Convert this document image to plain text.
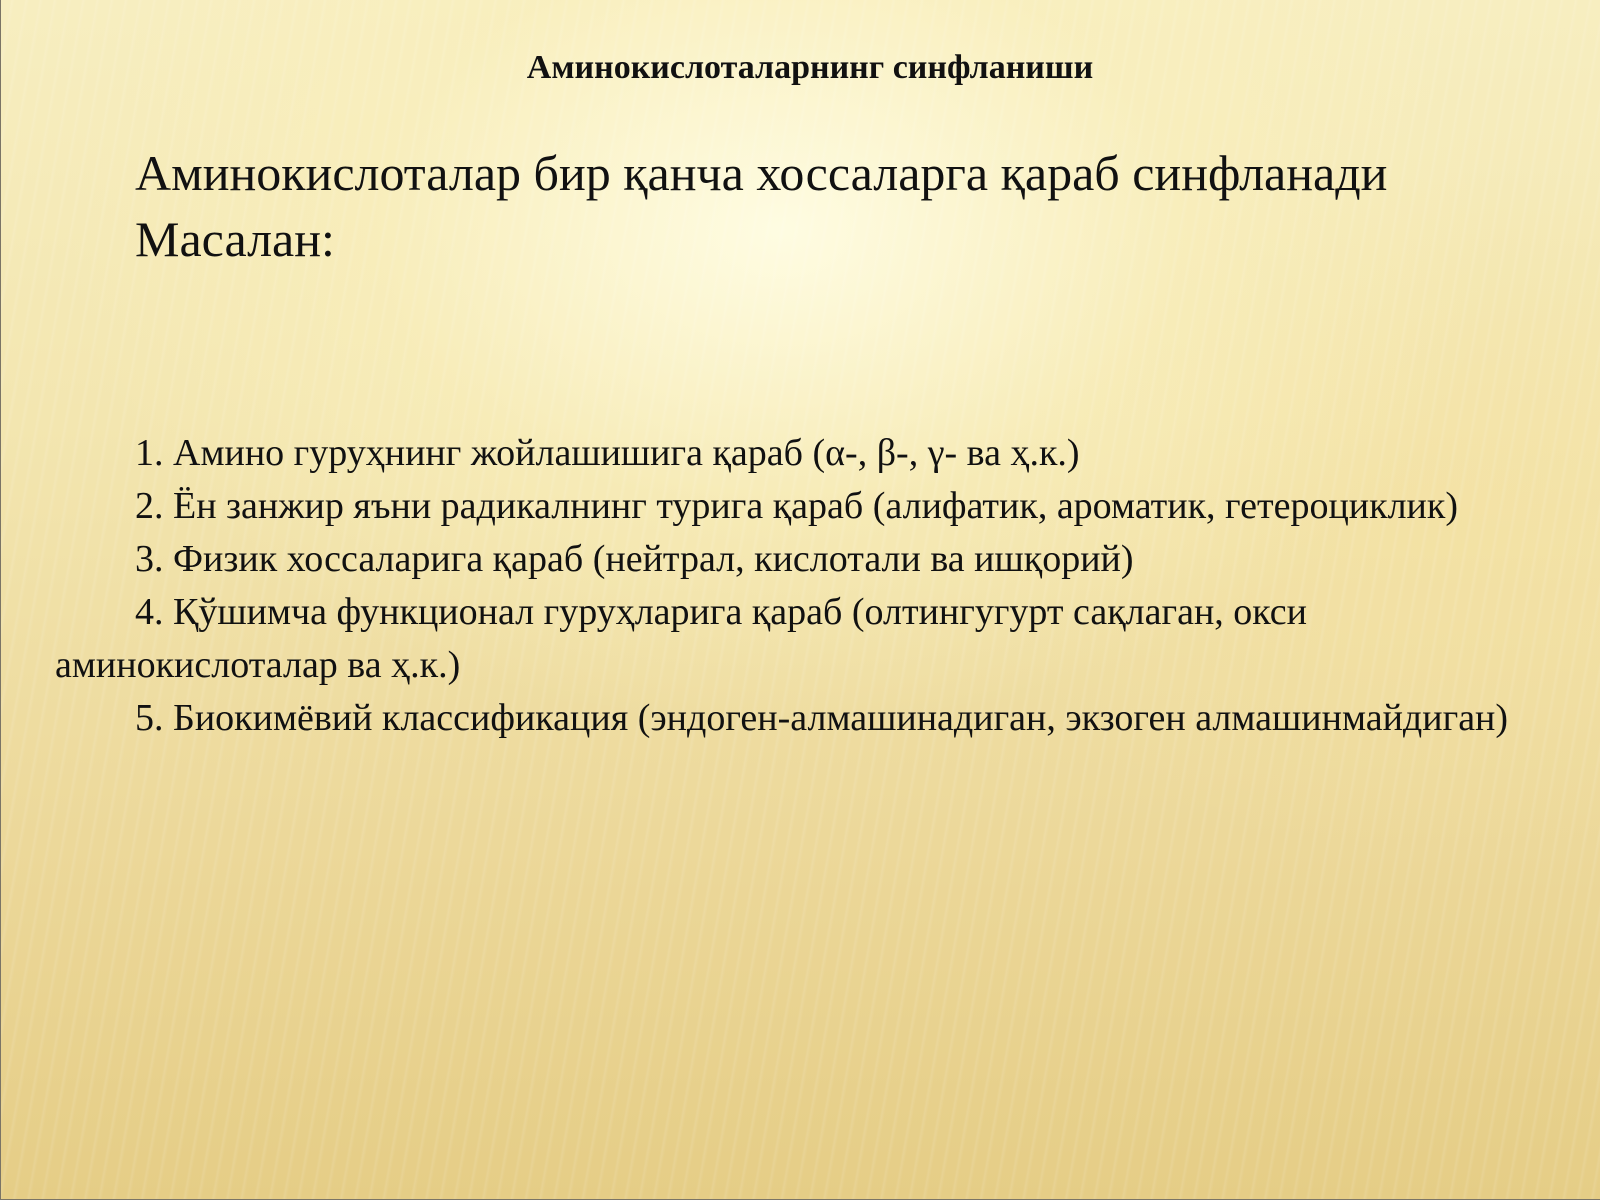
Аминокислоталарнинг синфланиши
Аминокислоталар бир қанча хоссаларга қараб синфланади
Масалан:
1. Амино гуруҳнинг жойлашишига қараб (α-, β-, γ- ва ҳ.к.)
2. Ён занжир яъни радикалнинг турига қараб (алифатик, ароматик, гетероциклик)
3. Физик хоссаларига қараб (нейтрал, кислотали ва ишқорий)
4. Қўшимча функционал гуруҳларига қараб (олтингугурт сақлаган, окси аминокислоталар ва ҳ.к.)
5. Биокимёвий классификация (эндоген-алмашинадиган, экзоген алмашинмайдиган)
